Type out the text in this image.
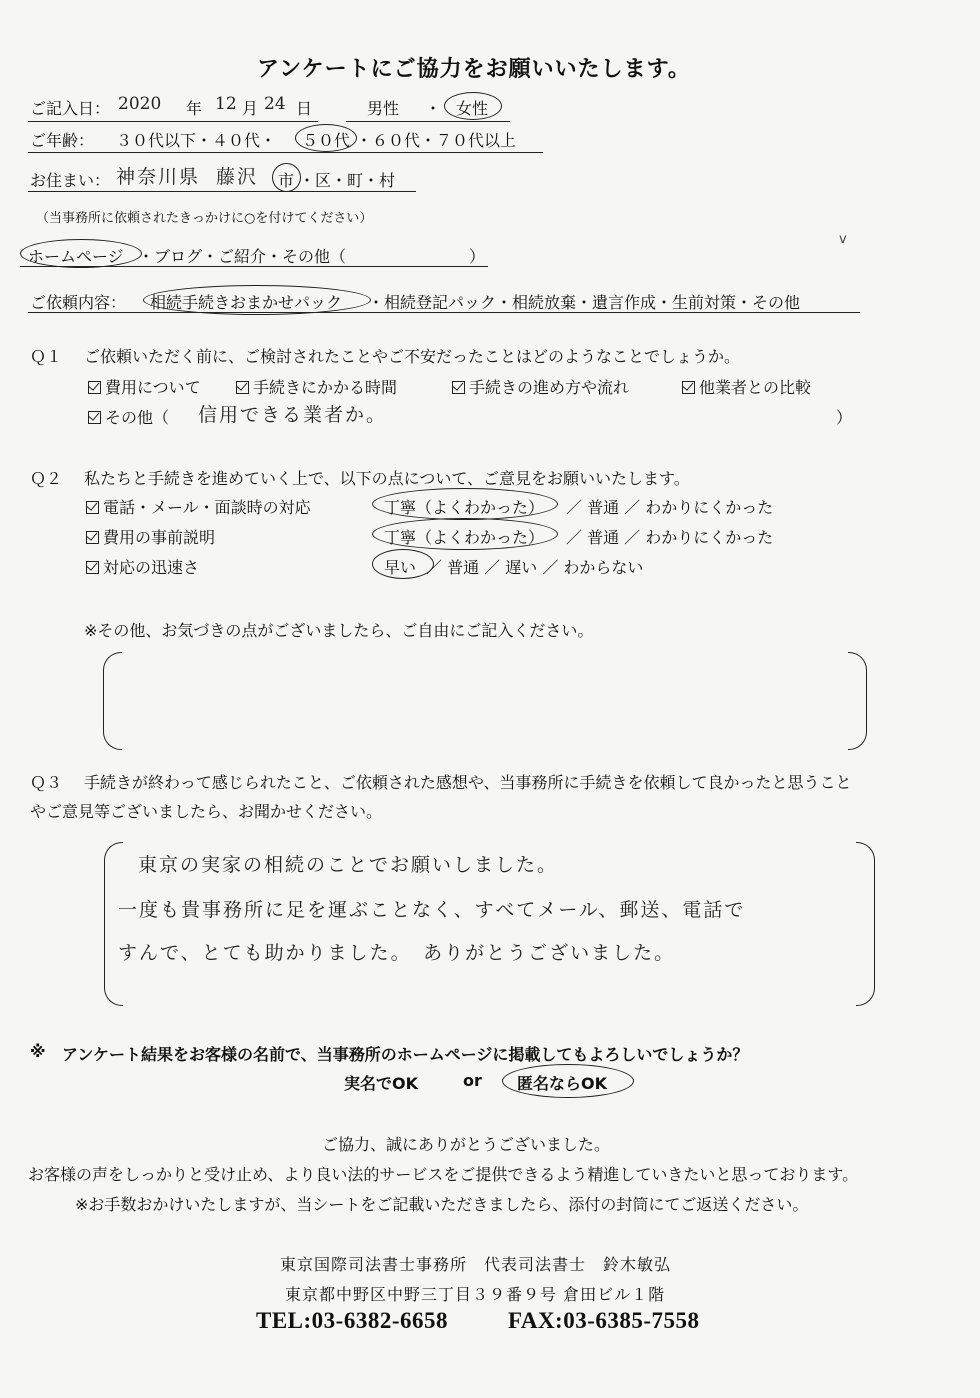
アンケートにご協力をお願いいたします。
ご記入日： 2020 年 12 月 24 日	男性 ・ 女性
ご年齢： ３０代以下・４０代・ ５０代 ・６０代・７０代以上
お住まい： 神奈川県 藤沢 市 ・区・町・村
（当事務所に依頼されたきっかけに○を付けてください）
ホームページ ・ブログ・ご紹介・その他（	）
v
ご依頼内容： 相続手続きおまかせパック ・相続登記パック・相続放棄・遺言作成・生前対策・その他
Ｑ１ ご依頼いただく前に、ご検討されたことやご不安だったことはどのようなことでしょうか。
費用について	手続きにかかる時間	手続きの進め方や流れ	他業者との比較
その他（ 信用できる業者か。	）
Ｑ２ 私たちと手続きを進めていく上で、以下の点について、ご意見をお願いいたします。
電話・メール・面談時の対応	丁寧（よくわかった） ／ 普通 ／ わかりにくかった
費用の事前説明	丁寧（よくわかった） ／ 普通 ／ わかりにくかった
対応の迅速さ	早い ／ 普通 ／ 遅い ／ わからない
※その他、お気づきの点がございましたら、ご自由にご記入ください。
Ｑ３ 手続きが終わって感じられたこと、ご依頼された感想や、当事務所に手続きを依頼して良かったと思うこと
やご意見等ございましたら、お聞かせください。
東京の実家の相続のことでお願いしました。
一度も貴事務所に足を運ぶことなく、すべてメール、郵送、電話で
すんで、とても助かりました。　ありがとうございました。
※ アンケート結果をお客様の名前で、当事務所のホームページに掲載してもよろしいでしょうか？
実名でOK	or 匿名ならOK
ご協力、誠にありがとうございました。
お客様の声をしっかりと受け止め、より良い法的サービスをご提供できるよう精進していきたいと思っております。
※お手数おかけいたしますが、当シートをご記載いただきましたら、添付の封筒にてご返送ください。
東京国際司法書士事務所　代表司法書士　鈴木敏弘
東京都中野区中野三丁目３９番９号 倉田ビル１階
TEL:03-6382-6658	FAX:03-6385-7558
